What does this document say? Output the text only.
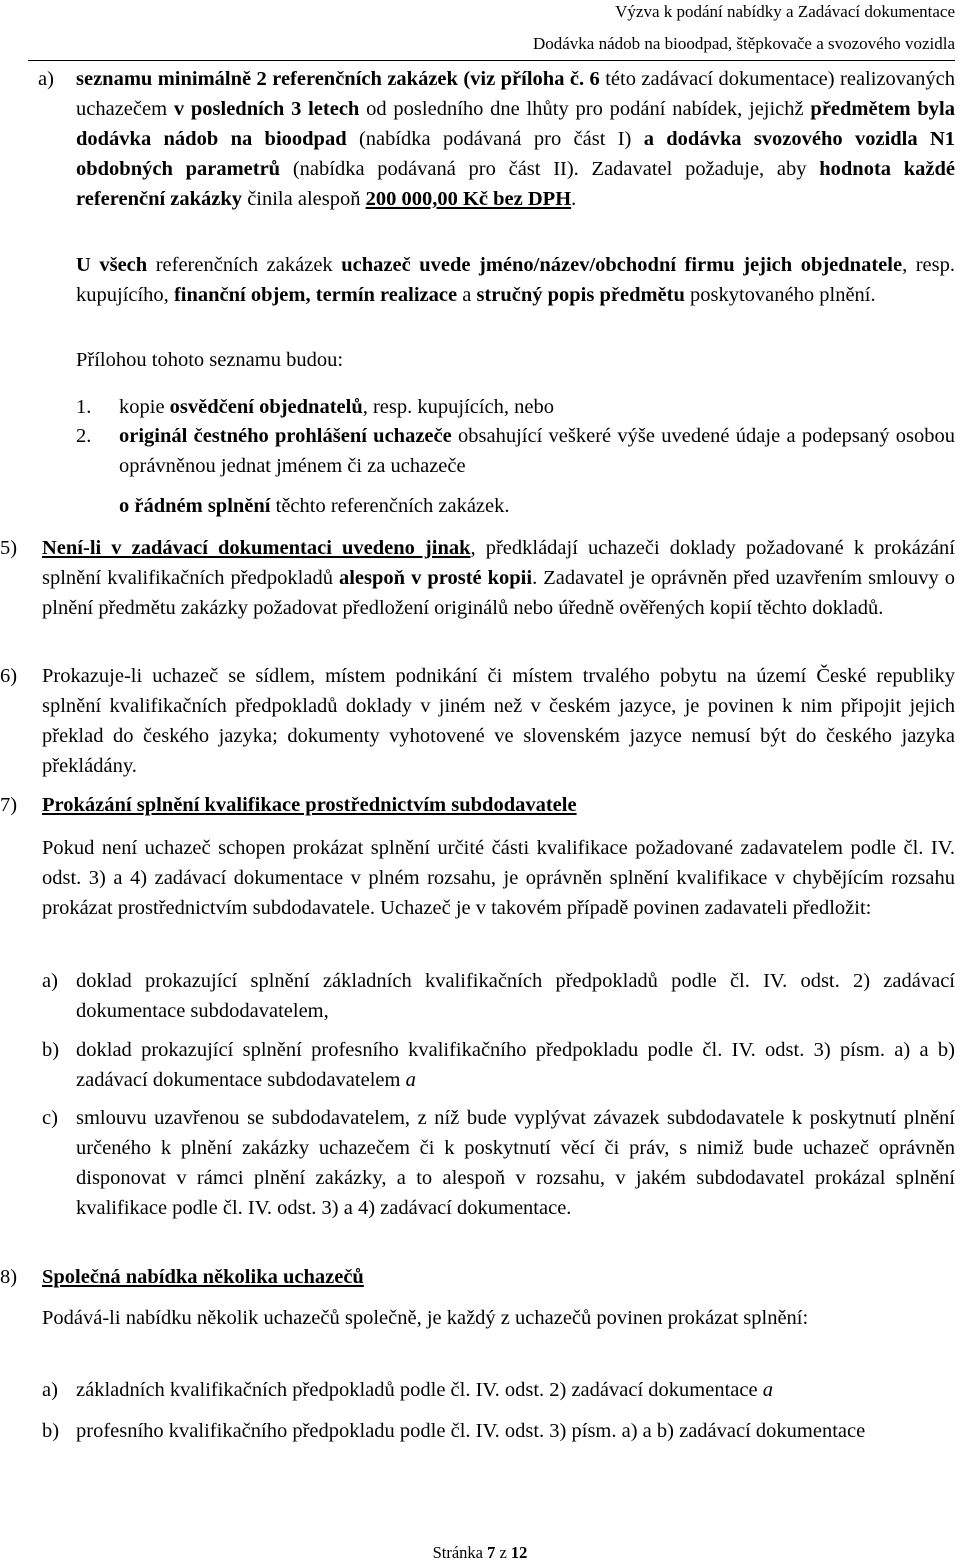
Výzva k podání nabídky a Zadávací dokumentace
Dodávka nádob na bioodpad, štěpkovače a svozového vozidla
a) seznamu minimálně 2 referenčních zakázek (viz příloha č. 6 této zadávací dokumentace) realizovaných uchazečem v posledních 3 letech od posledního dne lhůty pro podání nabídek, jejichž předmětem byla dodávka nádob na bioodpad (nabídka podávaná pro část I) a dodávka svozového vozidla N1 obdobných parametrů (nabídka podávaná pro část II). Zadavatel požaduje, aby hodnota každé referenční zakázky činila alespoň 200 000,00 Kč bez DPH.

U všech referenčních zakázek uchazeč uvede jméno/název/obchodní firmu jejich objednatele, resp. kupujícího, finanční objem, termín realizace a stručný popis předmětu poskytovaného plnění.

Přílohou tohoto seznamu budou:

1. kopie osvědčení objednatelů, resp. kupujících, nebo

2. originál čestného prohlášení uchazeče obsahující veškeré výše uvedené údaje a podepsaný osobou oprávněnou jednat jménem či za uchazeče

o řádném splnění těchto referenčních zakázek.

5) Není-li v zadávací dokumentaci uvedeno jinak, předkládají uchazeči doklady požadované k prokázání splnění kvalifikačních předpokladů alespoň v prosté kopii. Zadavatel je oprávněn před uzavřením smlouvy o plnění předmětu zakázky požadovat předložení originálů nebo úředně ověřených kopií těchto dokladů.

6) Prokazuje-li uchazeč se sídlem, místem podnikání či místem trvalého pobytu na území České republiky splnění kvalifikačních předpokladů doklady v jiném než v českém jazyce, je povinen k nim připojit jejich překlad do českého jazyka; dokumenty vyhotovené ve slovenském jazyce nemusí být do českého jazyka překládány.

7) Prokázání splnění kvalifikace prostřednictvím subdodavatele

Pokud není uchazeč schopen prokázat splnění určité části kvalifikace požadované zadavatelem podle čl. IV. odst. 3) a 4) zadávací dokumentace v plném rozsahu, je oprávněn splnění kvalifikace v chybějícím rozsahu prokázat prostřednictvím subdodavatele. Uchazeč je v takovém případě povinen zadavateli předložit:

a) doklad prokazující splnění základních kvalifikačních předpokladů podle čl. IV. odst. 2) zadávací dokumentace subdodavatelem,

b) doklad prokazující splnění profesního kvalifikačního předpokladu podle čl. IV. odst. 3) písm. a) a b) zadávací dokumentace subdodavatelem a

c) smlouvu uzavřenou se subdodavatelem, z níž bude vyplývat závazek subdodavatele k poskytnutí plnění určeného k plnění zakázky uchazečem či k poskytnutí věcí či práv, s nimiž bude uchazeč oprávněn disponovat v rámci plnění zakázky, a to alespoň v rozsahu, v jakém subdodavatel prokázal splnění kvalifikace podle čl. IV. odst. 3) a 4) zadávací dokumentace.

8) Společná nabídka několika uchazečů

Podává-li nabídku několik uchazečů společně, je každý z uchazečů povinen prokázat splnění:

a) základních kvalifikačních předpokladů podle čl. IV. odst. 2) zadávací dokumentace a

b) profesního kvalifikačního předpokladu podle čl. IV. odst. 3) písm. a) a b) zadávací dokumentace

Stránka 7 z 12
